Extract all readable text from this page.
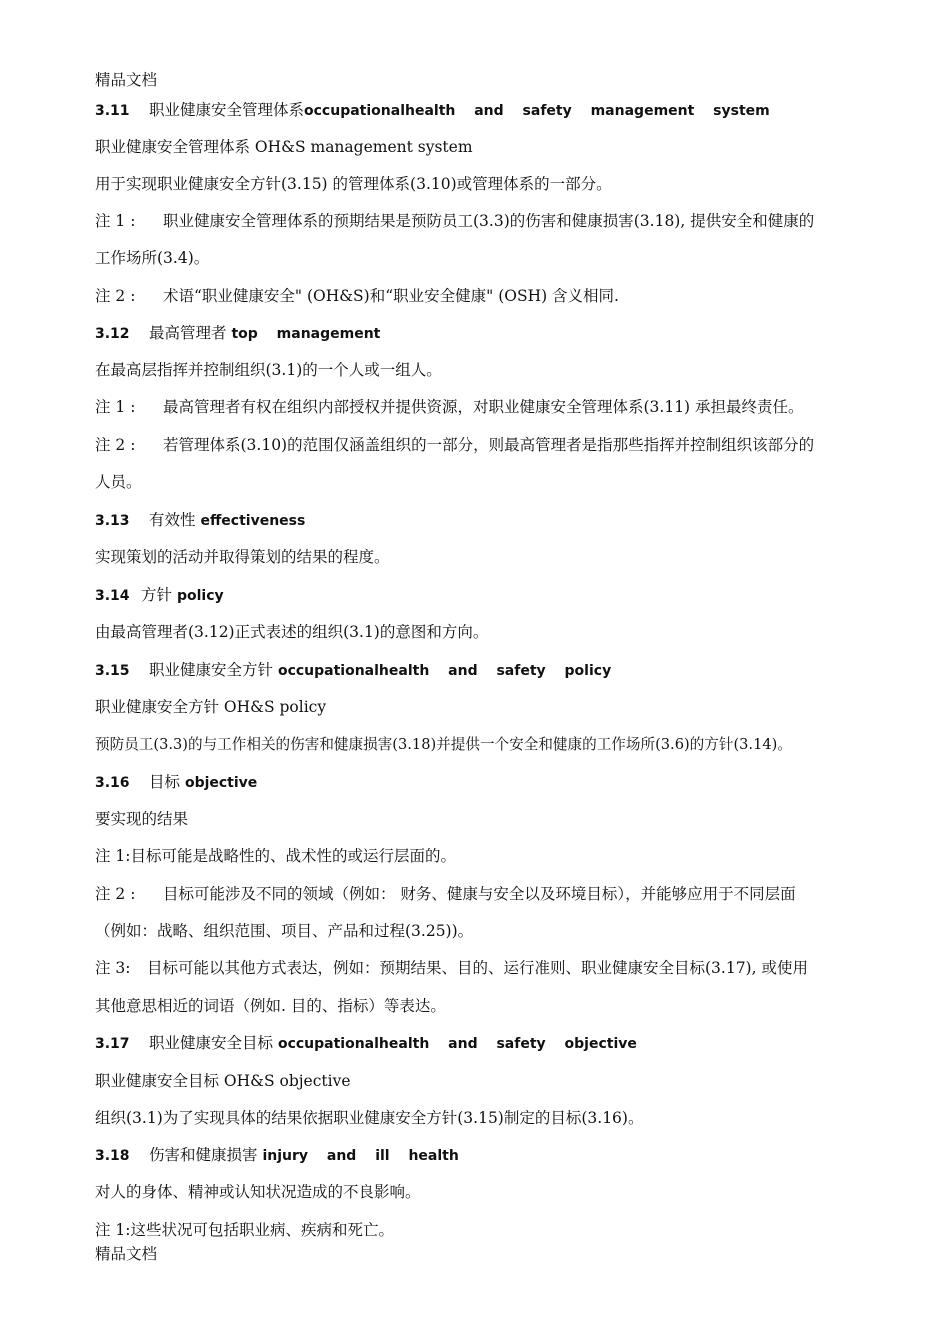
精品文档
3.11 职业健康安全管理体系occupationalhealth and safety management system
职业健康安全管理体系 OH&S management system
用于实现职业健康安全方针(3.15) 的管理体系(3.10)或管理体系的一部分。
注 1 : 职业健康安全管理体系的预期结果是预防员工(3.3)的伤害和健康损害(3.18), 提供安全和健康的
工作场所(3.4)。
注 2 : 术语“职业健康安全" (OH&S)和“职业安全健康" (OSH) 含义相同.
3.12 最高管理者 top management
在最高层指挥并控制组织(3.1)的一个人或一组人。
注 1 : 最高管理者有权在组织内部授权并提供资源，对职业健康安全管理体系(3.11) 承担最终责任。
注 2 : 若管理体系(3.10)的范围仅涵盖组织的一部分，则最高管理者是指那些指挥并控制组织该部分的
人员。
3.13 有效性 effectiveness
实现策划的活动并取得策划的结果的程度。
3.14 方针 policy
由最高管理者(3.12)正式表述的组织(3.1)的意图和方向。
3.15 职业健康安全方针 occupationalhealth and safety policy
职业健康安全方针 OH&S policy
预防员工(3.3)的与工作相关的伤害和健康损害(3.18)并提供一个安全和健康的工作场所(3.6)的方针(3.14)。
3.16 目标 objective
要实现的结果
注 1:目标可能是战略性的、战术性的或运行层面的。
注 2 : 目标可能涉及不同的领域（例如： 财务、健康与安全以及环境目标），并能够应用于不同层面
（例如：战略、组织范围、项目、产品和过程(3.25))。
注 3: 目标可能以其他方式表达，例如：预期结果、目的、运行准则、职业健康安全目标(3.17), 或使用
其他意思相近的词语（例如. 目的、指标）等表达。
3.17 职业健康安全目标 occupationalhealth and safety objective
职业健康安全目标 OH&S objective
组织(3.1)为了实现具体的结果依据职业健康安全方针(3.15)制定的目标(3.16)。
3.18 伤害和健康损害 injury and ill health
对人的身体、精神或认知状况造成的不良影响。
注 1:这些状况可包括职业病、疾病和死亡。
精品文档
